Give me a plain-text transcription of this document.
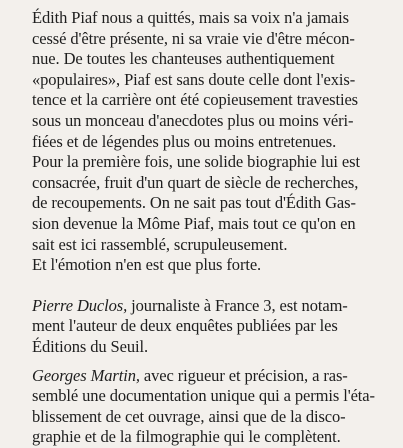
Édith Piaf nous a quittés, mais sa voix n'a jamais
cessé d'être présente, ni sa vraie vie d'être mécon-
nue. De toutes les chanteuses authentiquement
«populaires», Piaf est sans doute celle dont l'exis-
tence et la carrière ont été copieusement travesties
sous un monceau d'anecdotes plus ou moins véri-
fiées et de légendes plus ou moins entretenues.

Pour la première fois, une solide biographie lui est
consacrée, fruit d'un quart de siècle de recherches,
de recoupements. On ne sait pas tout d'Édith Gas-
sion devenue la Môme Piaf, mais tout ce qu'on en
sait est ici rassemblé, scrupuleusement.

Et l'émotion n'en est que plus forte.

Pierre Duclos, journaliste à France 3, est notam-
ment l'auteur de deux enquêtes publiées par les
Éditions du Seuil.

Georges Martin, avec rigueur et précision, a ras-
semblé une documentation unique qui a permis l'éta-
blissement de cet ouvrage, ainsi que de la disco-
graphie et de la filmographie qui le complètent.
